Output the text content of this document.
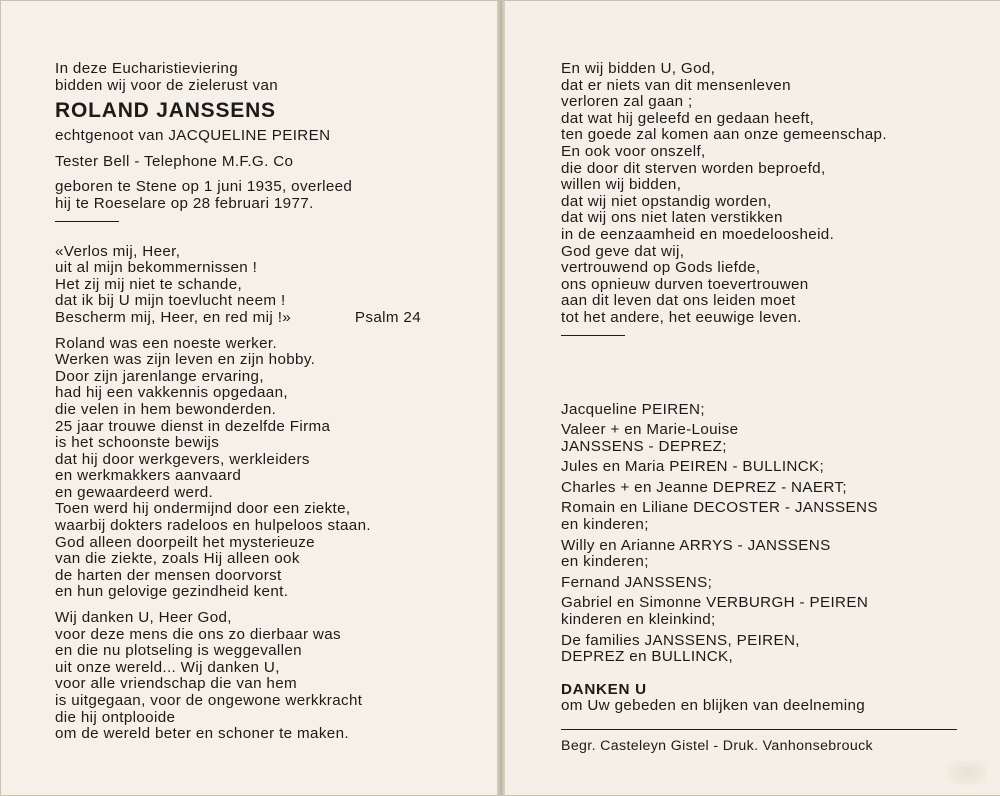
In deze Eucharistieviering
bidden wij voor de zielerust van
ROLAND JANSSENS
echtgenoot van JACQUELINE PEIREN
Tester Bell - Telephone M.F.G. Co
geboren te Stene op 1 juni 1935, overleed
hij te Roeselare op 28 februari 1977.
«Verlos mij, Heer,
uit al mijn bekommernissen !
Het zij mij niet te schande,
dat ik bij U mijn toevlucht neem !
Bescherm mij, Heer, en red mij !»	Psalm 24
Roland was een noeste werker.
Werken was zijn leven en zijn hobby.
Door zijn jarenlange ervaring,
had hij een vakkennis opgedaan,
die velen in hem bewonderden.
25 jaar trouwe dienst in dezelfde Firma
is het schoonste bewijs
dat hij door werkgevers, werkleiders
en werkmakkers aanvaard
en gewaardeerd werd.
Toen werd hij ondermijnd door een ziekte,
waarbij dokters radeloos en hulpeloos staan.
God alleen doorpeilt het mysterieuze
van die ziekte, zoals Hij alleen ook
de harten der mensen doorvorst
en hun gelovige gezindheid kent.
Wij danken U, Heer God,
voor deze mens die ons zo dierbaar was
en die nu plotseling is weggevallen
uit onze wereld... Wij danken U,
voor alle vriendschap die van hem
is uitgegaan, voor de ongewone werkkracht
die hij ontplooide
om de wereld beter en schoner te maken.
En wij bidden U, God,
dat er niets van dit mensenleven
verloren zal gaan ;
dat wat hij geleefd en gedaan heeft,
ten goede zal komen aan onze gemeenschap.
En ook voor onszelf,
die door dit sterven worden beproefd,
willen wij bidden,
dat wij niet opstandig worden,
dat wij ons niet laten verstikken
in de eenzaamheid en moedeloosheid.
God geve dat wij,
vertrouwend op Gods liefde,
ons opnieuw durven toevertrouwen
aan dit leven dat ons leiden moet
tot het andere, het eeuwige leven.
Jacqueline PEIREN;
Valeer + en Marie-Louise
JANSSENS - DEPREZ;
Jules en Maria PEIREN - BULLINCK;
Charles + en Jeanne DEPREZ - NAERT;
Romain en Liliane DECOSTER - JANSSENS
en kinderen;
Willy en Arianne ARRYS - JANSSENS
en kinderen;
Fernand JANSSENS;
Gabriel en Simonne VERBURGH - PEIREN
kinderen en kleinkind;
De families JANSSENS, PEIREN,
DEPREZ en BULLINCK,
DANKEN U
om Uw gebeden en blijken van deelneming
Begr. Casteleyn Gistel - Druk. Vanhonsebrouck
